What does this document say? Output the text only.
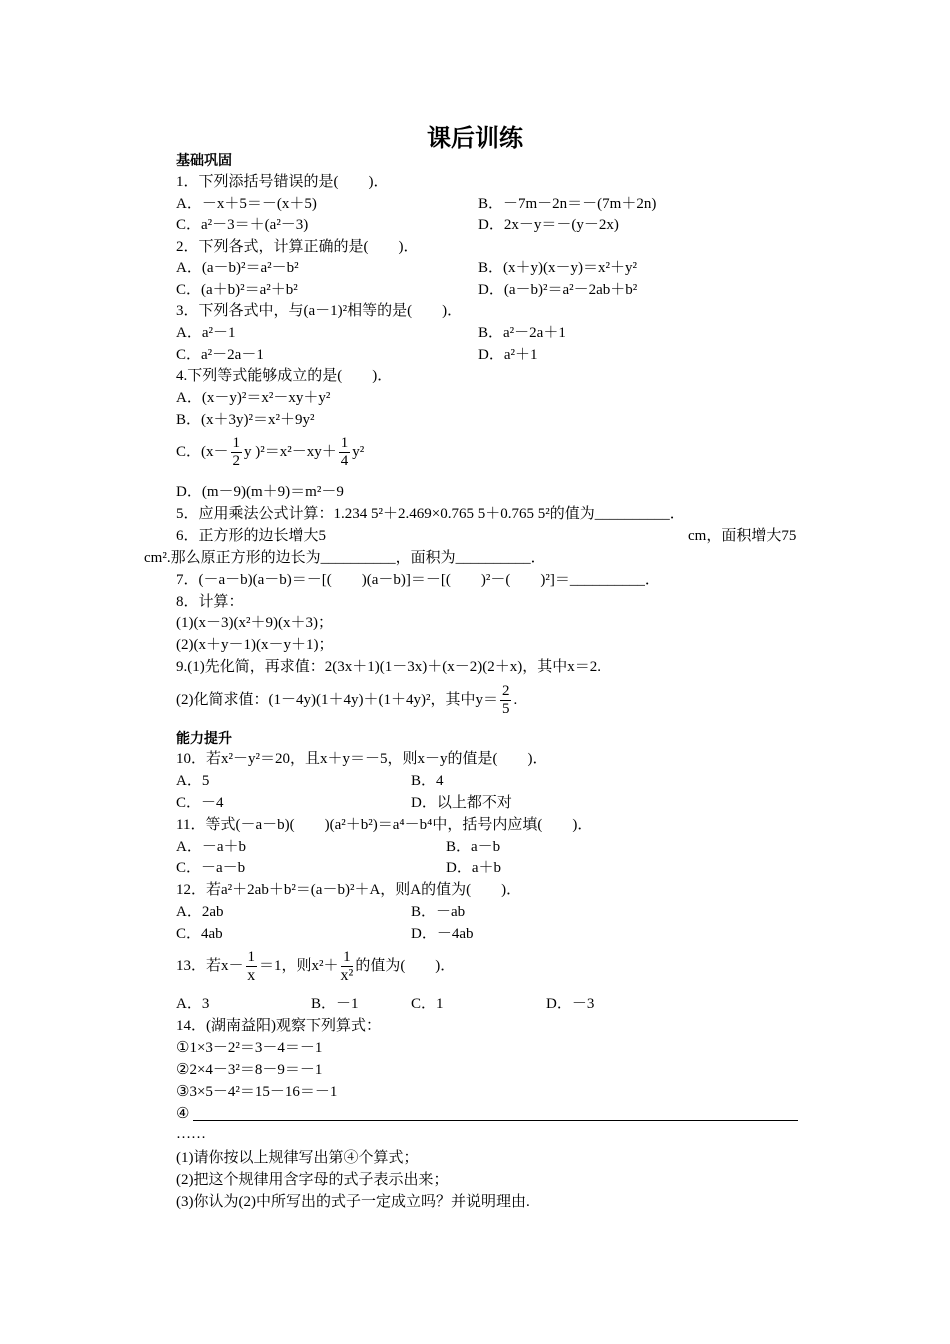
课后训练
基础巩固
1．下列添括号错误的是(　　)．
A．－x＋5＝－(x＋5)	B．－7m－2n＝－(7m＋2n)
C．a²－3＝＋(a²－3)	D．2x－y＝－(y－2x)
2．下列各式，计算正确的是(　　)．
A．(a－b)²＝a²－b²	B．(x＋y)(x－y)＝x²＋y²
C．(a＋b)²＝a²＋b²	D．(a－b)²＝a²－2ab＋b²
3．下列各式中，与(a－1)²相等的是(　　)．
A．a²－1	B．a²－2a＋1
C．a²－2a－1	D．a²＋1
4.下列等式能够成立的是(　　)．
A．(x－y)²＝x²－xy＋y²
B．(x＋3y)²＝x²＋9y²
C．($x- \frac{1}{2}$ y )$^2=x^2-xy+ \frac{1}{4} y^2$
D．(m－9)(m＋9)＝m²－9
5．应用乘法公式计算：1.234 5²＋2.469×0.765 5＋0.765 5²的值为__________．
6．正方形的边长增大5	cm，面积增大75
cm².那么原正方形的边长为__________，面积为__________．
7．(－a－b)(a－b)＝－[(　　)(a－b)]＝－[(　　)²－(　　)²]＝__________．
8．计算：
(1)(x－3)(x²＋9)(x＋3)；
(2)(x＋y－1)(x－y＋1)；
9.(1)先化简，再求值：2(3x＋1)(1－3x)＋(x－2)(2＋x)，其中x＝2.
(2)化简求值：(1－4y)(1＋4y)＋(1＋4y)²，其中$y= \frac{2}{5}$ .
能力提升
10．若x²－y²＝20，且x＋y＝－5，则x－y的值是(　　)．
A．5	B．4
C．－4	D．以上都不对
11．等式(－a－b)(　　)(a²＋b²)＝a⁴－b⁴中，括号内应填(　　)．
A．－a＋b	B．a－b
C．－a－b	D．a＋b
12．若a²＋2ab＋b²＝(a－b)²＋A，则A的值为(　　)．
A．2ab	B．－ab
C．4ab	D．－4ab
13．若$x- \frac{1}{x} =1$，则$x^2+ \frac{1}{\text{x²}}$ 的值为(　　)．
A．3	B．－1	C．1	D．－3
14．(湖南益阳)观察下列算式：
①1×3－2²＝3－4＝－1
②2×4－3²＝8－9＝－1
③3×5－4²＝15－16＝－1
④
……
(1)请你按以上规律写出第④个算式；
(2)把这个规律用含字母的式子表示出来；
(3)你认为(2)中所写出的式子一定成立吗？并说明理由.
